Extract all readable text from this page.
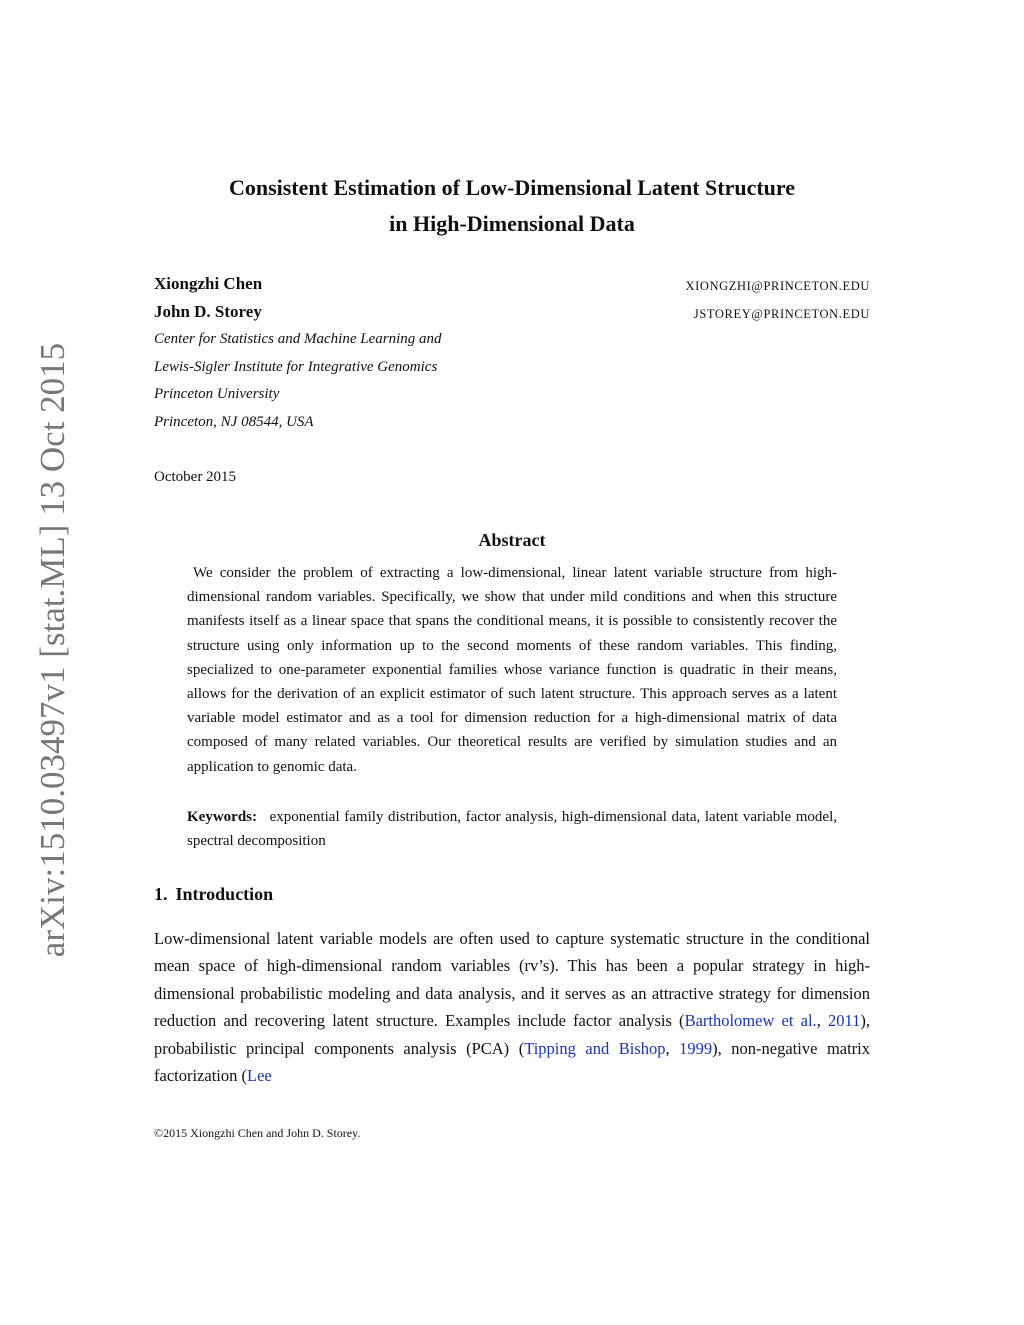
arXiv:1510.03497v1 [stat.ML] 13 Oct 2015
Consistent Estimation of Low-Dimensional Latent Structure
in High-Dimensional Data
Xiongzhi Chen	XIONGZHI@PRINCETON.EDU
John D. Storey	JSTOREY@PRINCETON.EDU
Center for Statistics and Machine Learning and
Lewis-Sigler Institute for Integrative Genomics
Princeton University
Princeton, NJ 08544, USA
October 2015
Abstract
We consider the problem of extracting a low-dimensional, linear latent variable structure from high-dimensional random variables. Specifically, we show that under mild conditions and when this structure manifests itself as a linear space that spans the conditional means, it is possible to consistently recover the structure using only information up to the second moments of these random variables. This finding, specialized to one-parameter exponential families whose variance function is quadratic in their means, allows for the derivation of an explicit estimator of such latent structure. This approach serves as a latent variable model estimator and as a tool for dimension reduction for a high-dimensional matrix of data composed of many related variables. Our theoretical results are verified by simulation studies and an application to genomic data.
Keywords: exponential family distribution, factor analysis, high-dimensional data, latent variable model, spectral decomposition
1. Introduction
Low-dimensional latent variable models are often used to capture systematic structure in the conditional mean space of high-dimensional random variables (rv’s). This has been a popular strategy in high-dimensional probabilistic modeling and data analysis, and it serves as an attractive strategy for dimension reduction and recovering latent structure. Examples include factor analysis (Bartholomew et al., 2011), probabilistic principal components analysis (PCA) (Tipping and Bishop, 1999), non-negative matrix factorization (Lee
©2015 Xiongzhi Chen and John D. Storey.
